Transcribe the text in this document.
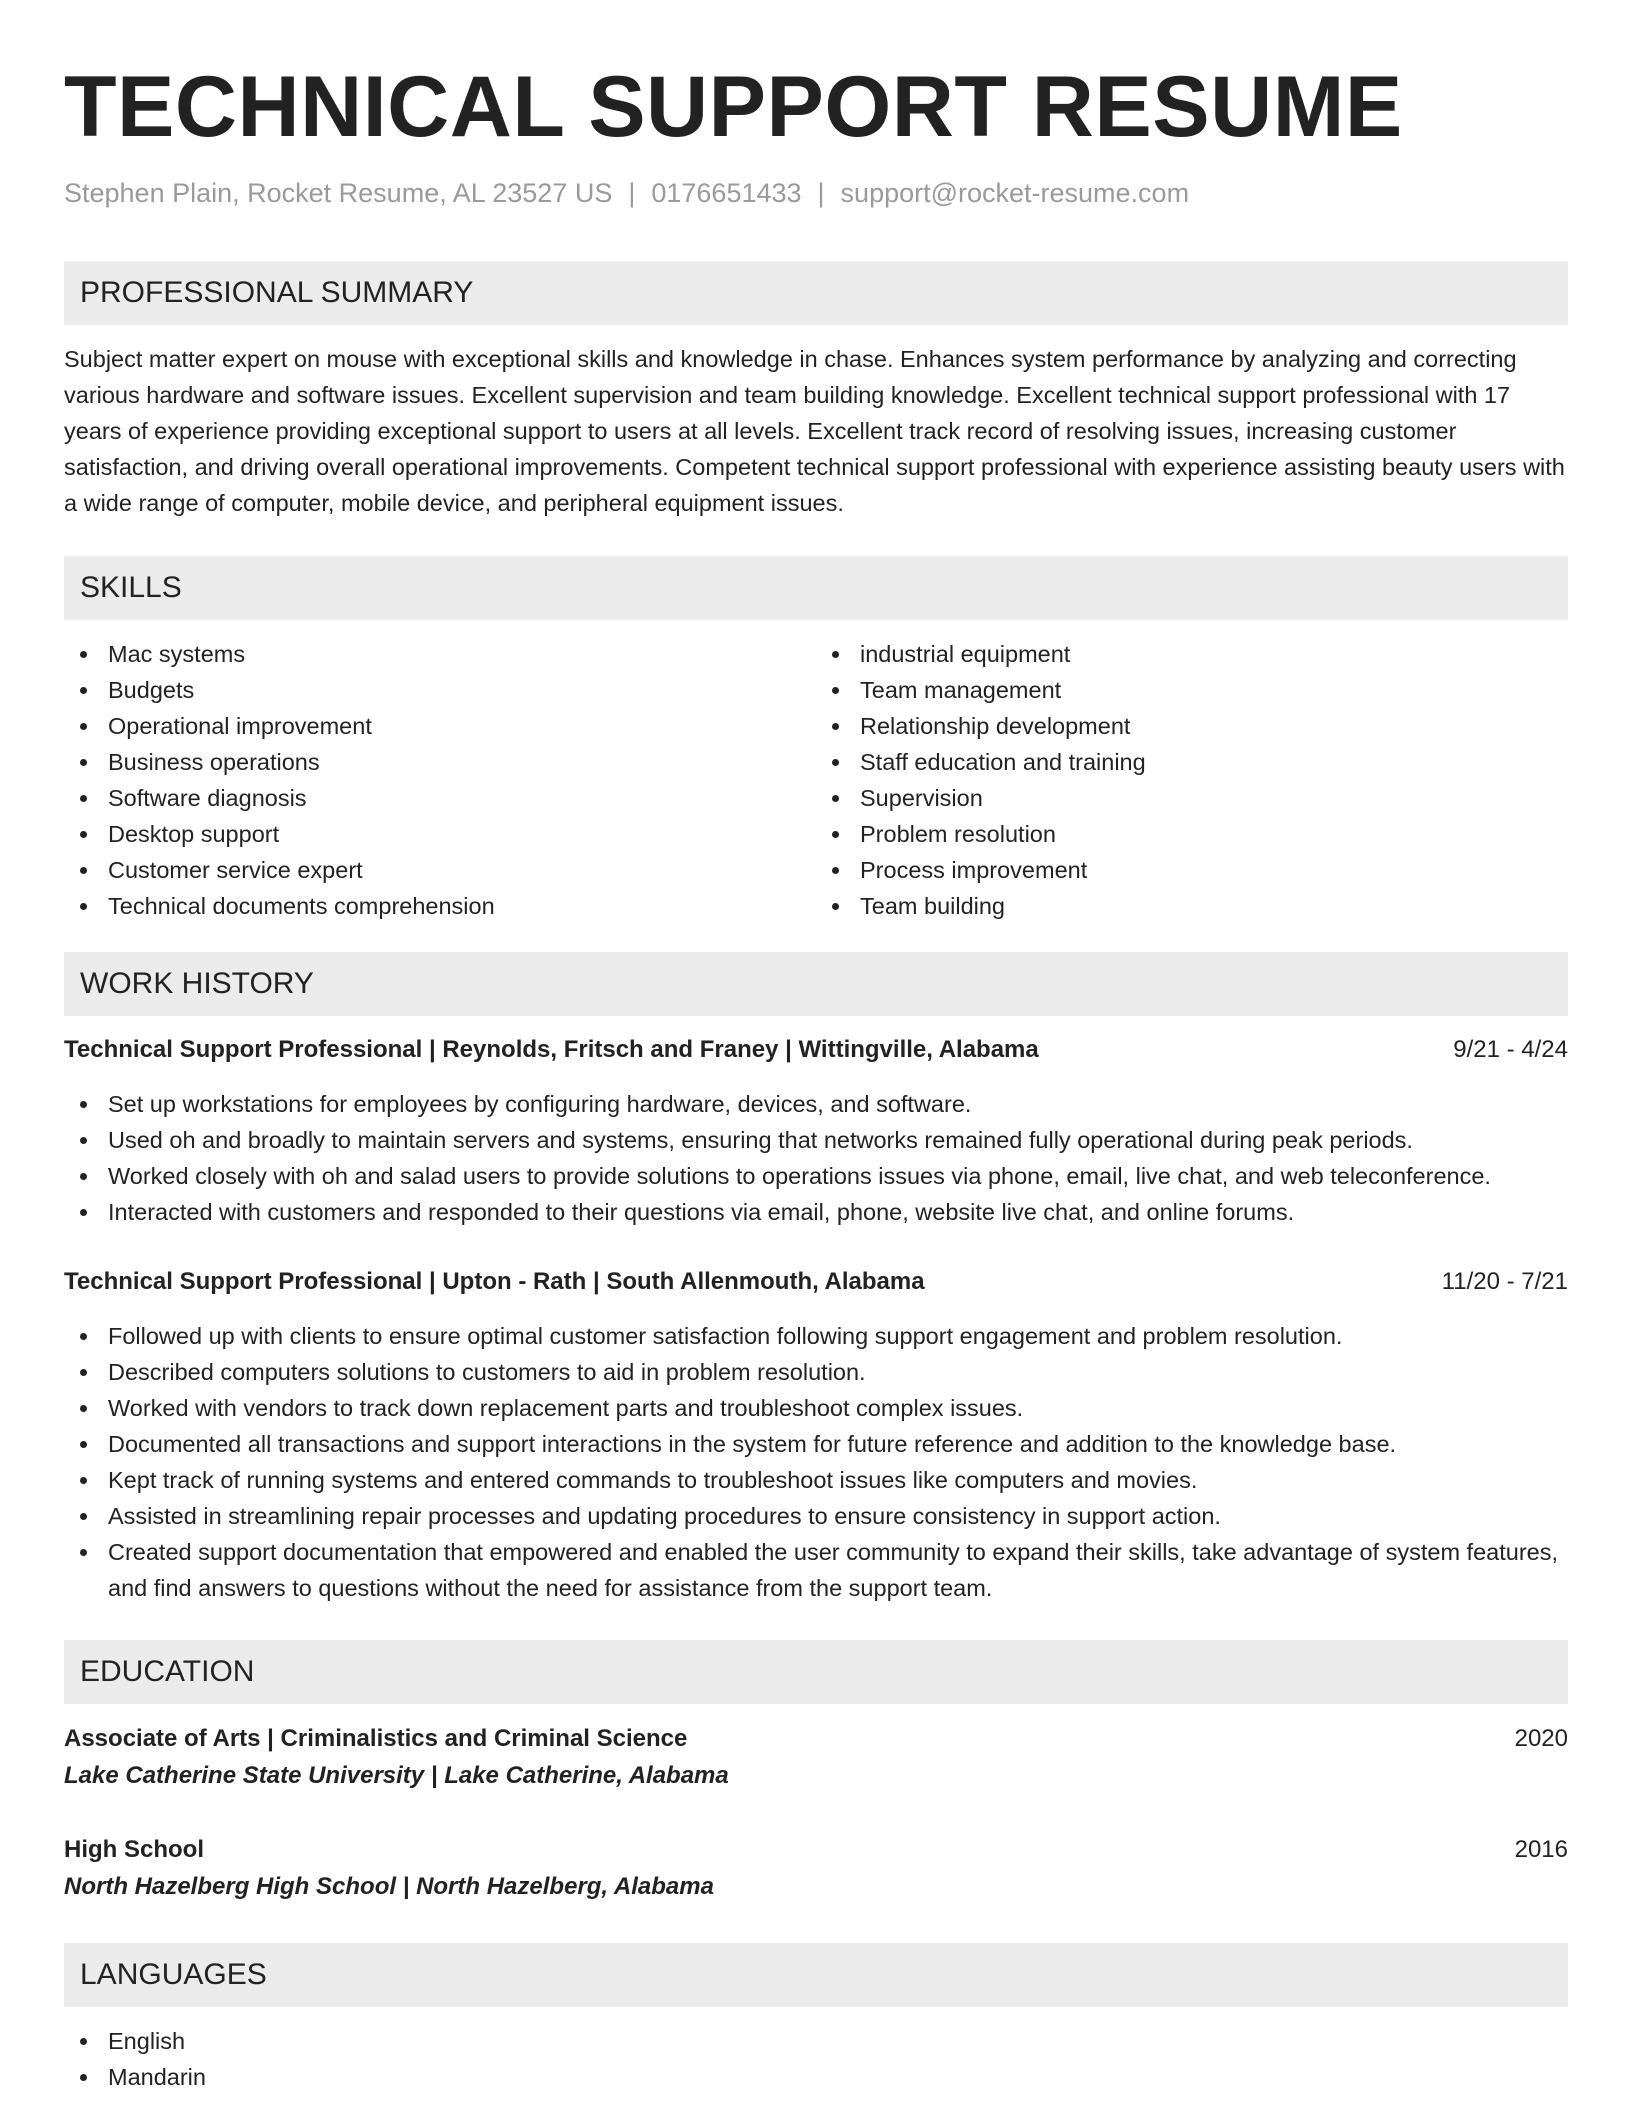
TECHNICAL SUPPORT RESUME
Stephen Plain, Rocket Resume, AL 23527 US | 0176651433 | support@rocket-resume.com
PROFESSIONAL SUMMARY

Subject matter expert on mouse with exceptional skills and knowledge in chase. Enhances system performance by analyzing and correcting various hardware and software issues. Excellent supervision and team building knowledge. Excellent technical support professional with 17 years of experience providing exceptional support to users at all levels. Excellent track record of resolving issues, increasing customer satisfaction, and driving overall operational improvements. Competent technical support professional with experience assisting beauty users with a wide range of computer, mobile device, and peripheral equipment issues.

SKILLS
Mac systems
Budgets
Operational improvement
Business operations
Software diagnosis
Desktop support
Customer service expert
Technical documents comprehension
industrial equipment
Team management
Relationship development
Staff education and training
Supervision
Problem resolution
Process improvement
Team building
WORK HISTORY
Technical Support Professional | Reynolds, Fritsch and Franey | Wittingville, Alabama	9/21 - 4/24
Set up workstations for employees by configuring hardware, devices, and software.
Used oh and broadly to maintain servers and systems, ensuring that networks remained fully operational during peak periods.
Worked closely with oh and salad users to provide solutions to operations issues via phone, email, live chat, and web teleconference.
Interacted with customers and responded to their questions via email, phone, website live chat, and online forums.
Technical Support Professional | Upton - Rath | South Allenmouth, Alabama	11/20 - 7/21
Followed up with clients to ensure optimal customer satisfaction following support engagement and problem resolution.
Described computers solutions to customers to aid in problem resolution.
Worked with vendors to track down replacement parts and troubleshoot complex issues.
Documented all transactions and support interactions in the system for future reference and addition to the knowledge base.
Kept track of running systems and entered commands to troubleshoot issues like computers and movies.
Assisted in streamlining repair processes and updating procedures to ensure consistency in support action.
Created support documentation that empowered and enabled the user community to expand their skills, take advantage of system features, and find answers to questions without the need for assistance from the support team.
EDUCATION
Associate of Arts | Criminalistics and Criminal Science
Lake Catherine State University | Lake Catherine, Alabama
2020
High School
North Hazelberg High School | North Hazelberg, Alabama
2016
LANGUAGES
English
Mandarin
